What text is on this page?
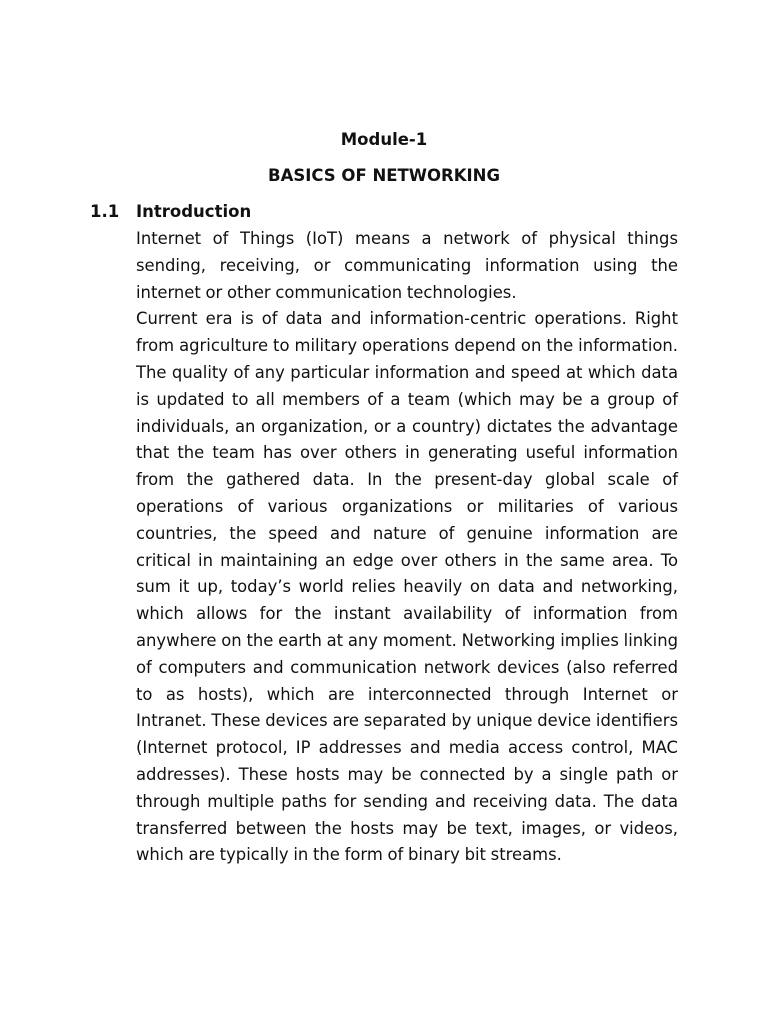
Module-1
BASICS OF NETWORKING
1.1 Introduction

Internet of Things (IoT) means a network of physical things sending, receiving, or communicating information using the internet or other communication technologies.

Current era is of data and information-centric operations. Right from agriculture to military operations depend on the information. The quality of any particular information and speed at which data is updated to all members of a team (which may be a group of individuals, an organization, or a country) dictates the advantage that the team has over others in generating useful information from the gathered data. In the present-day global scale of operations of various organizations or militaries of various countries, the speed and nature of genuine information are critical in maintaining an edge over others in the same area. To sum it up, today’s world relies heavily on data and networking, which allows for the instant availability of information from anywhere on the earth at any moment. Networking implies linking of computers and communication network devices (also referred to as hosts), which are interconnected through Internet or Intranet. These devices are separated by unique device identifiers (Internet protocol, IP addresses and media access control, MAC addresses). These hosts may be connected by a single path or through multiple paths for sending and receiving data. The data transferred between the hosts may be text, images, or videos, which are typically in the form of binary bit streams.
